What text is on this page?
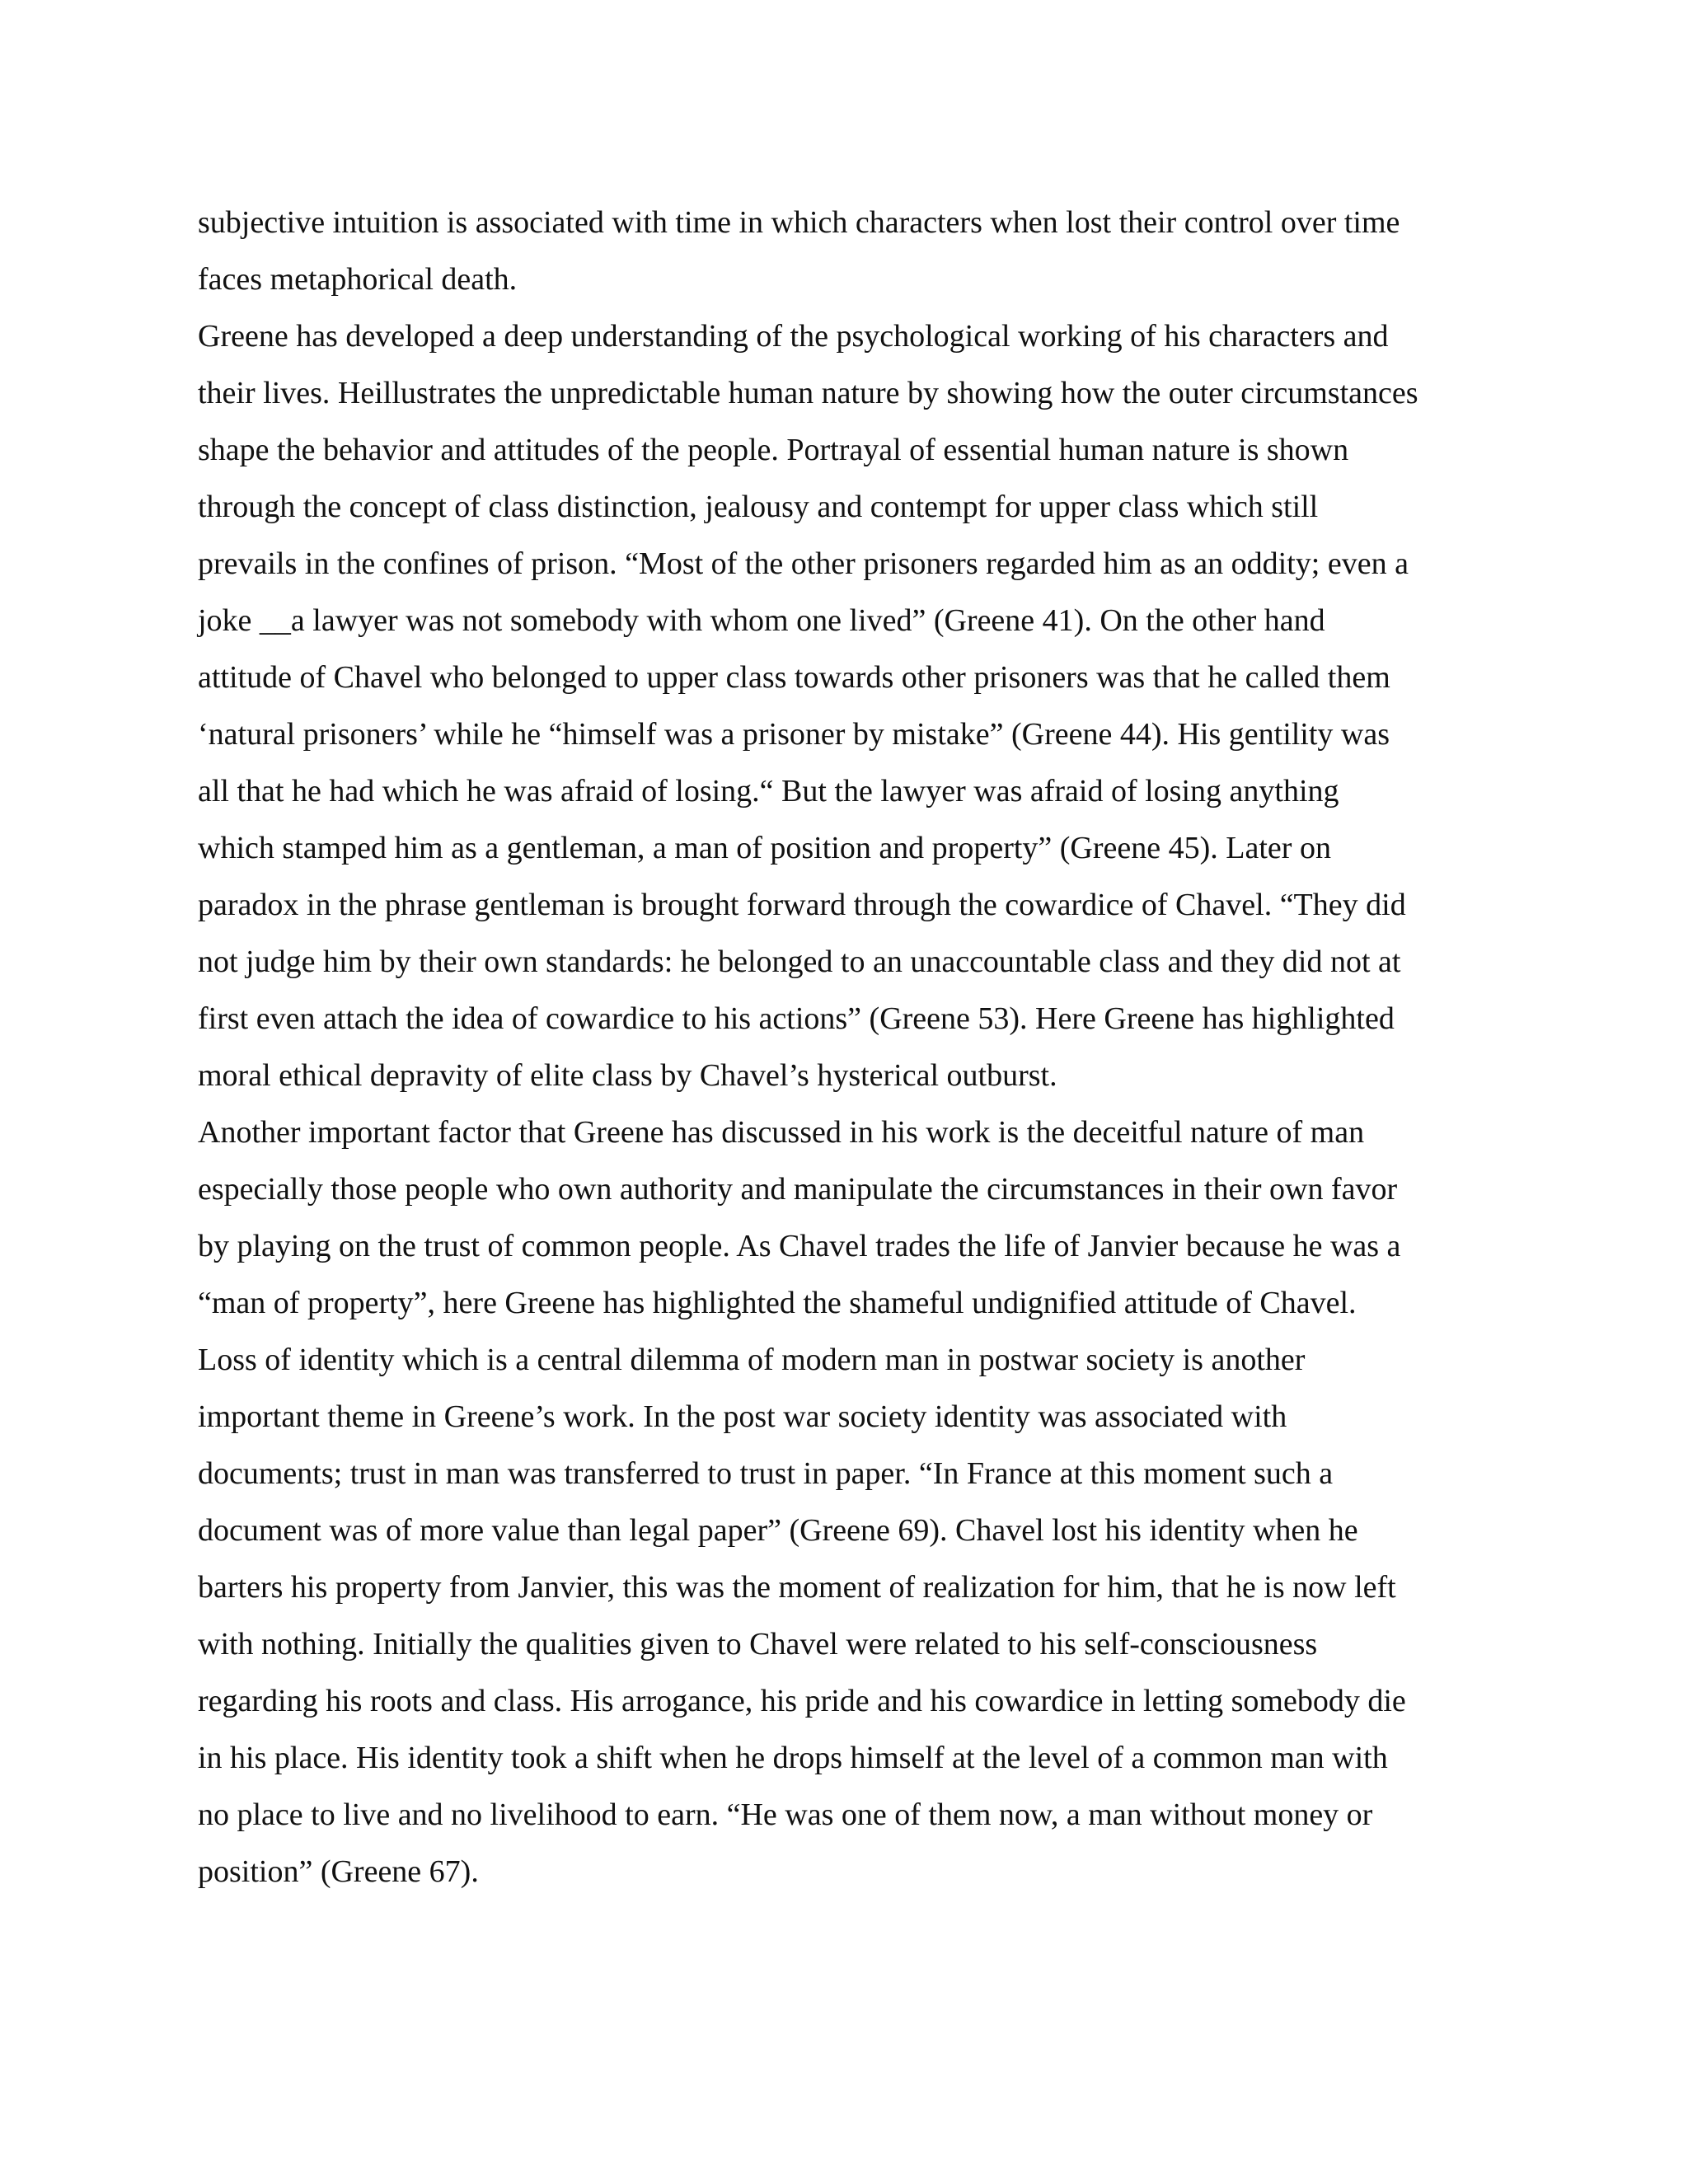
subjective intuition is associated with time in which characters when lost their control over time
faces metaphorical death.
Greene has developed a deep understanding of the psychological working of his characters and
their lives. Heillustrates the unpredictable human nature by showing how the outer circumstances
shape the behavior and attitudes of the people. Portrayal of essential human nature is shown
through the concept of class distinction, jealousy and contempt for upper class which still
prevails in the confines of prison. “Most of the other prisoners regarded him as an oddity; even a
joke __a lawyer was not somebody with whom one lived” (Greene 41). On the other hand
attitude of Chavel who belonged to upper class towards other prisoners was that he called them
‘natural prisoners’ while he “himself was a prisoner by mistake” (Greene 44). His gentility was
all that he had which he was afraid of losing.“ But the lawyer was afraid of losing anything
which stamped him as a gentleman, a man of position and property” (Greene 45). Later on
paradox in the phrase gentleman is brought forward through the cowardice of Chavel. “They did
not judge him by their own standards: he belonged to an unaccountable class and they did not at
first even attach the idea of cowardice to his actions” (Greene 53). Here Greene has highlighted
moral ethical depravity of elite class by Chavel’s hysterical outburst.
Another important factor that Greene has discussed in his work is the deceitful nature of man
especially those people who own authority and manipulate the circumstances in their own favor
by playing on the trust of common people. As Chavel trades the life of Janvier because he was a
“man of property”, here Greene has highlighted the shameful undignified attitude of Chavel.
Loss of identity which is a central dilemma of modern man in postwar society is another
important theme in Greene’s work. In the post war society identity was associated with
documents; trust in man was transferred to trust in paper. “In France at this moment such a
document was of more value than legal paper” (Greene 69). Chavel lost his identity when he
barters his property from Janvier, this was the moment of realization for him, that he is now left
with nothing. Initially the qualities given to Chavel were related to his self-consciousness
regarding his roots and class. His arrogance, his pride and his cowardice in letting somebody die
in his place. His identity took a shift when he drops himself at the level of a common man with
no place to live and no livelihood to earn. “He was one of them now, a man without money or
position” (Greene 67).
